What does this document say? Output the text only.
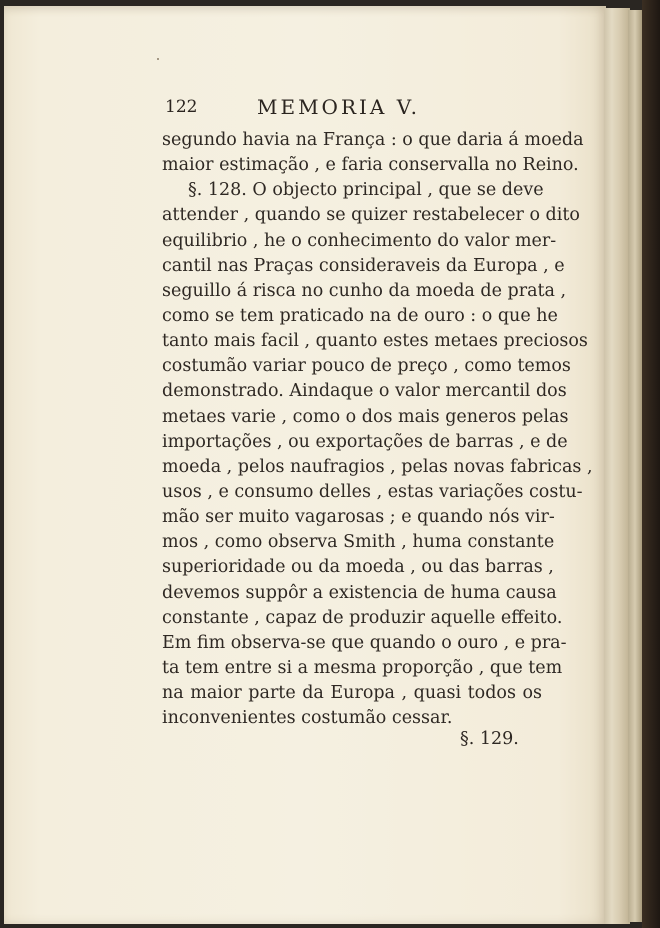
122	MEMORIA V.
segundo havia na França : o que daria á moeda
maior estimação , e faria conservalla no Reino.
§. 128. O objecto principal , que se deve
attender , quando se quizer restabelecer o dito
equilibrio , he o conhecimento do valor mer-
cantil nas Praças consideraveis da Europa , e
seguillo á risca no cunho da moeda de prata ,
como se tem praticado na de ouro : o que he
tanto mais facil , quanto estes metaes preciosos
costumão variar pouco de preço , como temos
demonstrado. Aindaque o valor mercantil dos
metaes varie , como o dos mais generos pelas
importações , ou exportações de barras , e de
moeda , pelos naufragios , pelas novas fabricas ,
usos , e consumo delles , estas variações costu-
mão ser muito vagarosas ; e quando nós vir-
mos , como observa Smith , huma constante
superioridade ou da moeda , ou das barras ,
devemos suppôr a existencia de huma causa
constante , capaz de produzir aquelle effeito.
Em fim observa-se que quando o ouro , e pra-
ta tem entre si a mesma proporção , que tem
na maior parte da Europa , quasi todos os
inconvenientes costumão cessar.
§. 129.
